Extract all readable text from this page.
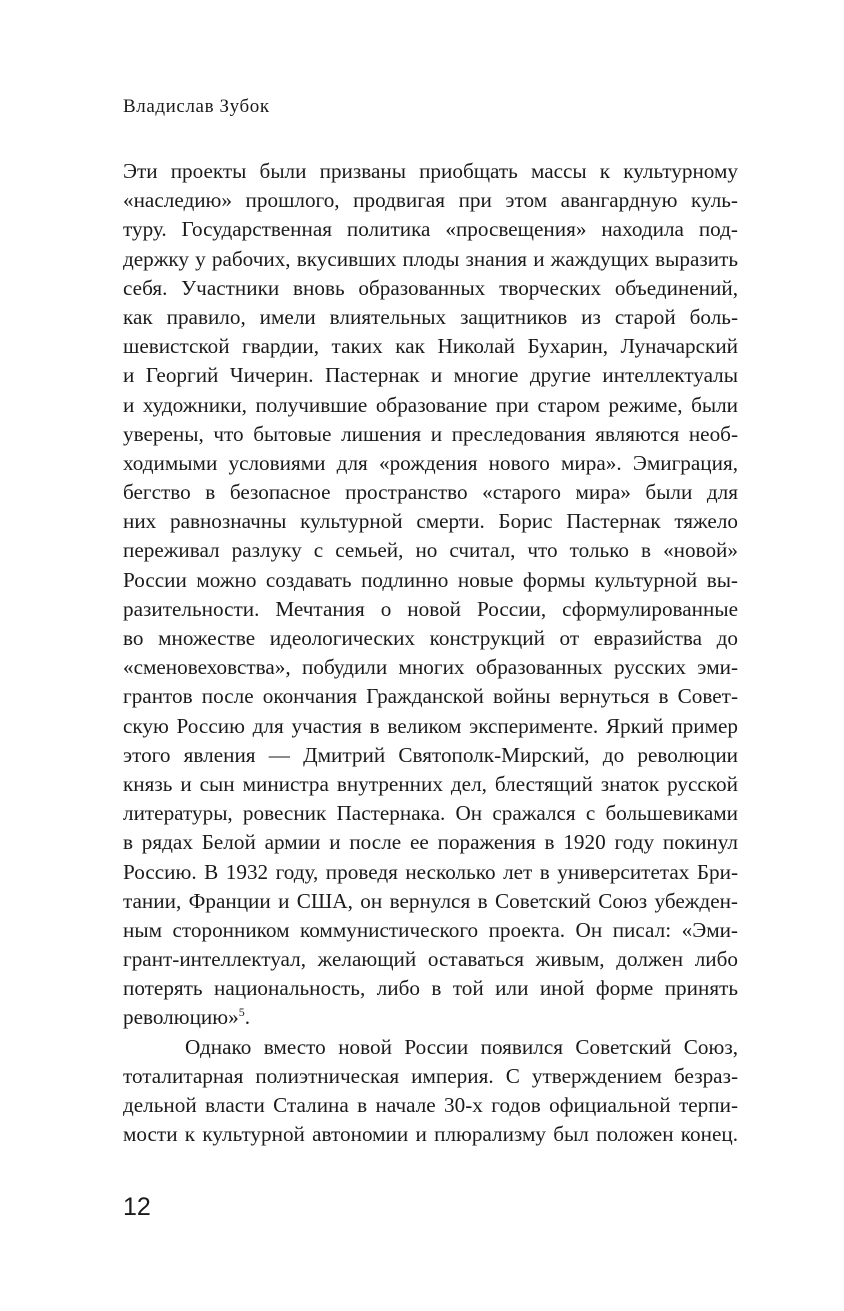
Владислав Зубок
Эти проекты были призваны приобщать массы к культурному
«наследию» прошлого, продвигая при этом авангардную куль-
туру. Государственная политика «просвещения» находила под-
держку у рабочих, вкусивших плоды знания и жаждущих выразить
себя. Участники вновь образованных творческих объединений,
как правило, имели влиятельных защитников из старой боль-
шевистской гвардии, таких как Николай Бухарин, Луначарский
и Георгий Чичерин. Пастернак и многие другие интеллектуалы
и художники, получившие образование при старом режиме, были
уверены, что бытовые лишения и преследования являются необ-
ходимыми условиями для «рождения нового мира». Эмиграция,
бегство в безопасное пространство «старого мира» были для
них равнозначны культурной смерти. Борис Пастернак тяжело
переживал разлуку с семьей, но считал, что только в «новой»
России можно создавать подлинно новые формы культурной вы-
разительности. Мечтания о новой России, сформулированные
во множестве идеологических конструкций от евразийства до
«сменовеховства», побудили многих образованных русских эми-
грантов после окончания Гражданской войны вернуться в Совет-
скую Россию для участия в великом эксперименте. Яркий пример
этого явления — Дмитрий Святополк-Мирский, до революции
князь и сын министра внутренних дел, блестящий знаток русской
литературы, ровесник Пастернака. Он сражался с большевиками
в рядах Белой армии и после ее поражения в 1920 году покинул
Россию. В 1932 году, проведя несколько лет в университетах Бри-
тании, Франции и США, он вернулся в Советский Союз убежден-
ным сторонником коммунистического проекта. Он писал: «Эми-
грант-интеллектуал, желающий оставаться живым, должен либо
потерять национальность, либо в той или иной форме принять
революцию»$^5$.
Однако вместо новой России появился Советский Союз,
тоталитарная полиэтническая империя. С утверждением безраз-
дельной власти Сталина в начале 30-х годов официальной терпи-
мости к культурной автономии и плюрализму был положен конец.
12
